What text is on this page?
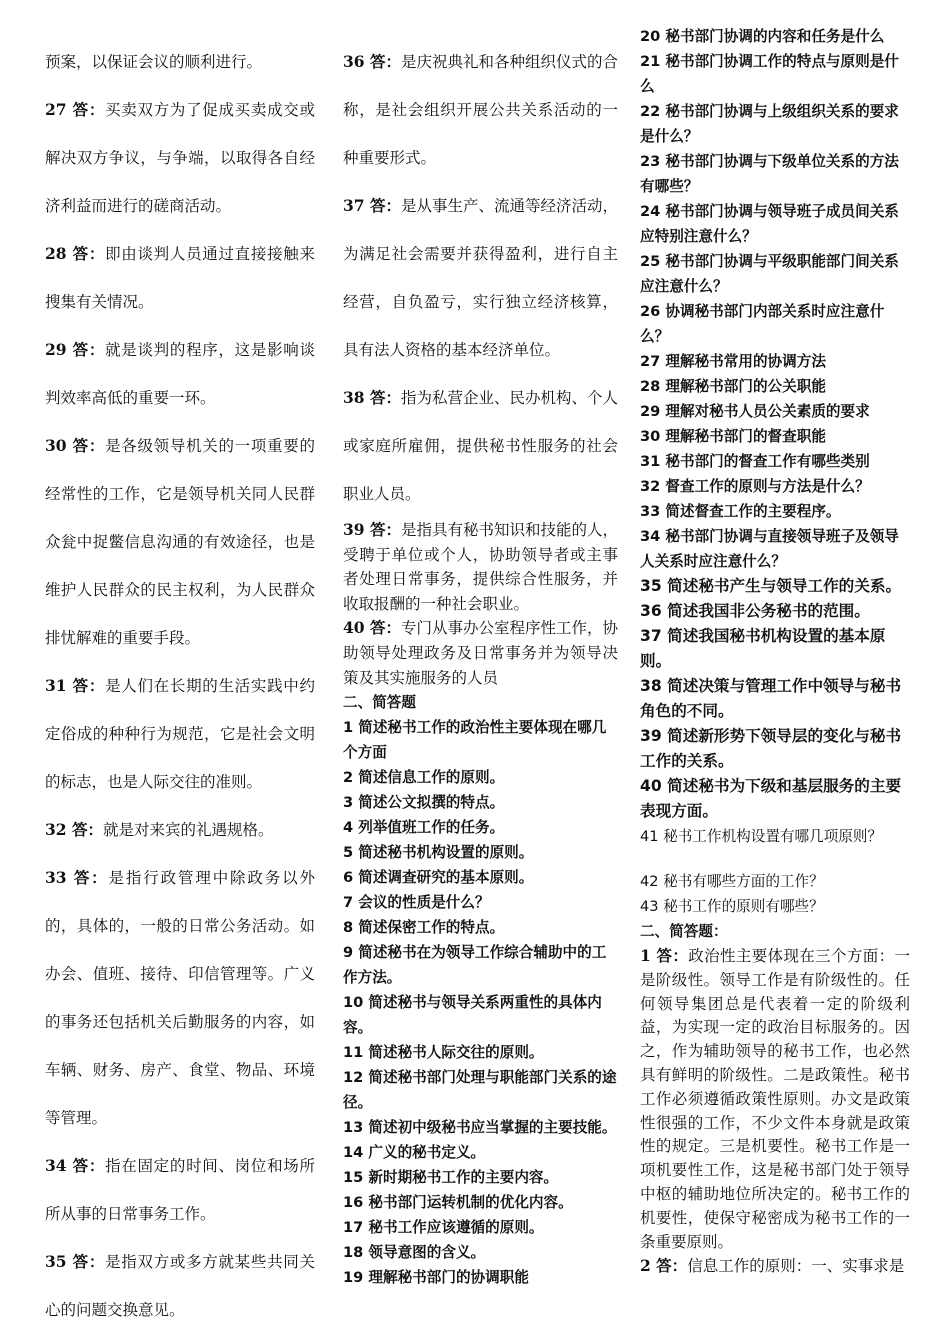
预案，以保证会议的顺利进行。

27 答：买卖双方为了促成买卖成交或解决双方争议，与争端，以取得各自经济利益而进行的磋商活动。

28 答：即由谈判人员通过直接接触来搜集有关情况。

29 答：就是谈判的程序，这是影响谈判效率高低的重要一环。

30 答：是各级领导机关的一项重要的经常性的工作，它是领导机关同人民群众瓮中捉鳖信息沟通的有效途径，也是维护人民群众的民主权利，为人民群众排忧解难的重要手段。

31 答：是人们在长期的生活实践中约定俗成的种种行为规范，它是社会文明的标志，也是人际交往的准则。

32 答：就是对来宾的礼遇规格。

33 答：是指行政管理中除政务以外的，具体的，一般的日常公务活动。如办会、值班、接待、印信管理等。广义的事务还包括机关后勤服务的内容，如车辆、财务、房产、食堂、物品、环境等管理。

34 答：指在固定的时间、岗位和场所所从事的日常事务工作。

35 答：是指双方或多方就某些共同关心的问题交换意见。

36 答：是庆祝典礼和各种组织仪式的合称，是社会组织开展公共关系活动的一种重要形式。

37 答：是从事生产、流通等经济活动，为满足社会需要并获得盈利，进行自主经营，自负盈亏，实行独立经济核算，具有法人资格的基本经济单位。

38 答：指为私营企业、民办机构、个人或家庭所雇佣，提供秘书性服务的社会职业人员。

39 答：是指具有秘书知识和技能的人，受聘于单位或个人，协助领导者或主事者处理日常事务，提供综合性服务，并收取报酬的一种社会职业。

40 答：专门从事办公室程序性工作，协助领导处理政务及日常事务并为领导决策及其实施服务的人员

二、简答题

1 简述秘书工作的政治性主要体现在哪几个方面
2 简述信息工作的原则。
3 简述公文拟撰的特点。
4 列举值班工作的任务。
5 简述秘书机构设置的原则。
6 简述调查研究的基本原则。
7 会议的性质是什么？
8 简述保密工作的特点。
9 简述秘书在为领导工作综合辅助中的工作方法。
10 简述秘书与领导关系两重性的具体内容。
11 简述秘书人际交往的原则。
12 简述秘书部门处理与职能部门关系的途径。
13 简述初中级秘书应当掌握的主要技能。
14 广义的秘书定义。
15 新时期秘书工作的主要内容。
16 秘书部门运转机制的优化内容。
17 秘书工作应该遵循的原则。
18 领导意图的含义。
19 理解秘书部门的协调职能
20 秘书部门协调的内容和任务是什么
21 秘书部门协调工作的特点与原则是什么
22 秘书部门协调与上级组织关系的要求是什么？
23 秘书部门协调与下级单位关系的方法有哪些？
24 秘书部门协调与领导班子成员间关系应特别注意什么？
25 秘书部门协调与平级职能部门间关系应注意什么？
26 协调秘书部门内部关系时应注意什么？
27 理解秘书常用的协调方法
28 理解秘书部门的公关职能
29 理解对秘书人员公关素质的要求
30 理解秘书部门的督查职能
31 秘书部门的督查工作有哪些类别
32 督查工作的原则与方法是什么？
33 简述督查工作的主要程序。
34 秘书部门协调与直接领导班子及领导人关系时应注意什么？
35 简述秘书产生与领导工作的关系。
36 简述我国非公务秘书的范围。
37 简述我国秘书机构设置的基本原则。
38 简述决策与管理工作中领导与秘书角色的不同。
39 简述新形势下领导层的变化与秘书工作的关系。
40 简述秘书为下级和基层服务的主要表现方面。
41 秘书工作机构设置有哪几项原则？
42 秘书有哪些方面的工作？
43 秘书工作的原则有哪些？

二、简答题：

1 答：政治性主要体现在三个方面：一是阶级性。领导工作是有阶级性的。任何领导集团总是代表着一定的阶级利益，为实现一定的政治目标服务的。因之，作为辅助领导的秘书工作，也必然具有鲜明的阶级性。二是政策性。秘书工作必须遵循政策性原则。办文是政策性很强的工作，不少文件本身就是政策性的规定。三是机要性。秘书工作是一项机要性工作，这是秘书部门处于领导中枢的辅助地位所决定的。秘书工作的机要性，使保守秘密成为秘书工作的一条重要原则。

2 答：信息工作的原则：一、实事求是
